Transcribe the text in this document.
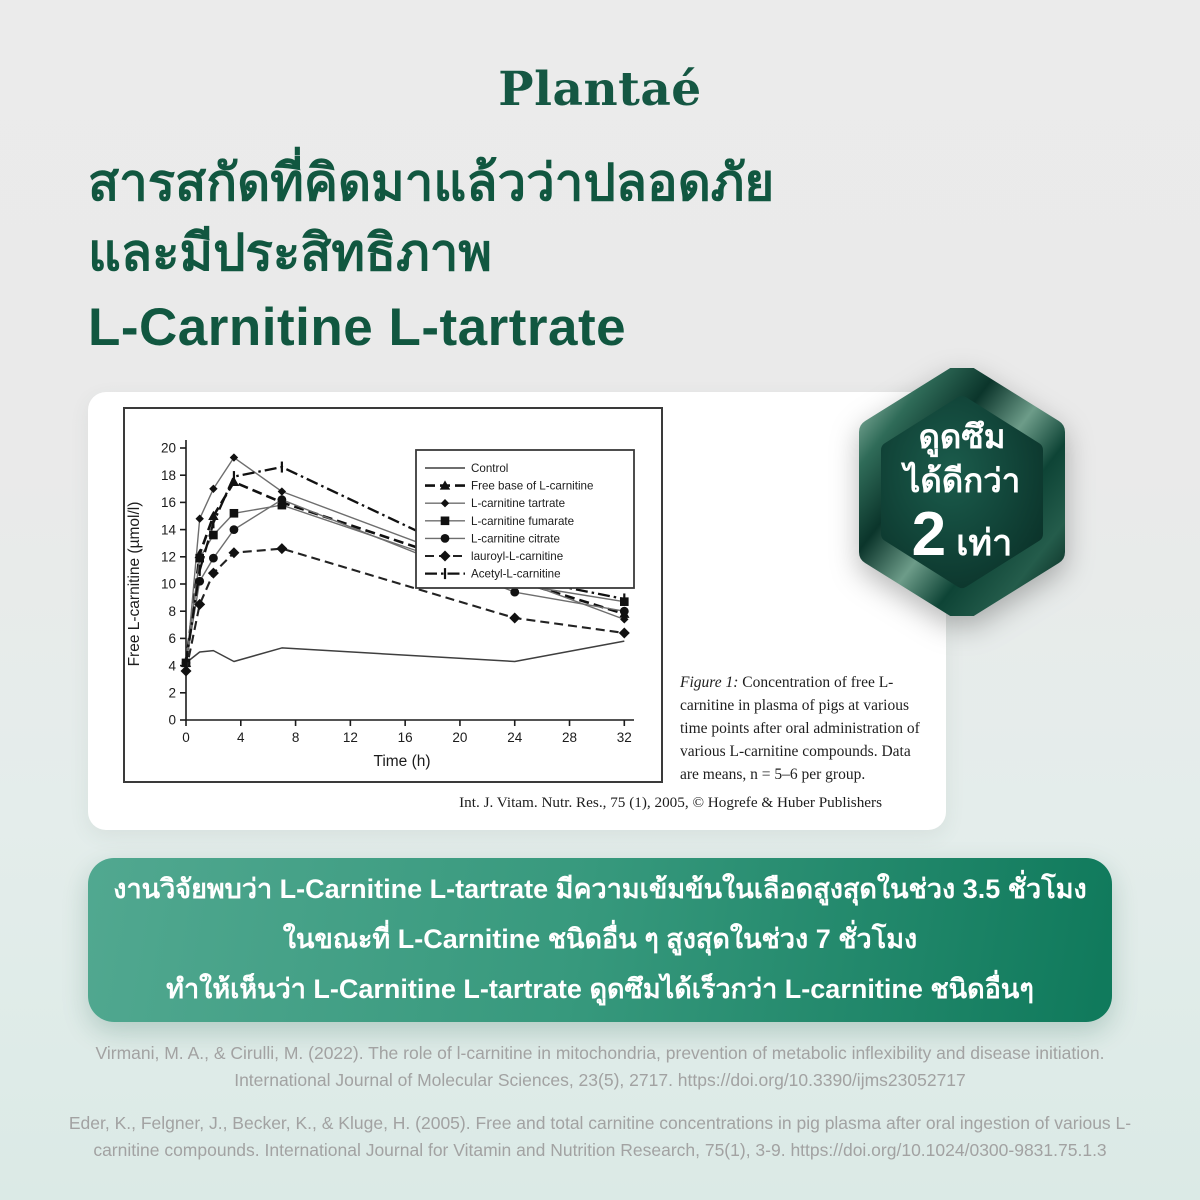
Plantaé
สารสกัดที่คิดมาแล้วว่าปลอดภัย
และมีประสิทธิภาพ
L-Carnitine L-tartrate
0
2
4
6
8
10
12
14
16
18
20
0	4	8	12	16	20	24	28	32
Time (h)
Free L-carnitine (µmol/l)
Control
Free base of L-carnitine
L-carnitine tartrate
L-carnitine fumarate
L-carnitine citrate
lauroyl-L-carnitine
Acetyl-L-carnitine
Figure 1: Concentration of free L-carnitine in plasma of pigs at various time points after oral administration of various L-carnitine compounds. Data are means, n = 5–6 per group.
Int. J. Vitam. Nutr. Res., 75 (1), 2005, © Hogrefe & Huber Publishers
ดูดซึม
ได้ดีกว่า
2 เท่า
งานวิจัยพบว่า L-Carnitine L-tartrate มีความเข้มข้นในเลือดสูงสุดในช่วง 3.5 ชั่วโมง
ในขณะที่ L-Carnitine ชนิดอื่น ๆ สูงสุดในช่วง 7 ชั่วโมง
ทำให้เห็นว่า L-Carnitine L-tartrate ดูดซึมได้เร็วกว่า L-carnitine ชนิดอื่นๆ

Virmani, M. A., & Cirulli, M. (2022). The role of l-carnitine in mitochondria, prevention of metabolic inflexibility and disease initiation. International Journal of Molecular Sciences, 23(5), 2717. https://doi.org/10.3390/ijms23052717

Eder, K., Felgner, J., Becker, K., & Kluge, H. (2005). Free and total carnitine concentrations in pig plasma after oral ingestion of various L-carnitine compounds. International Journal for Vitamin and Nutrition Research, 75(1), 3-9. https://doi.org/10.1024/0300-9831.75.1.3
